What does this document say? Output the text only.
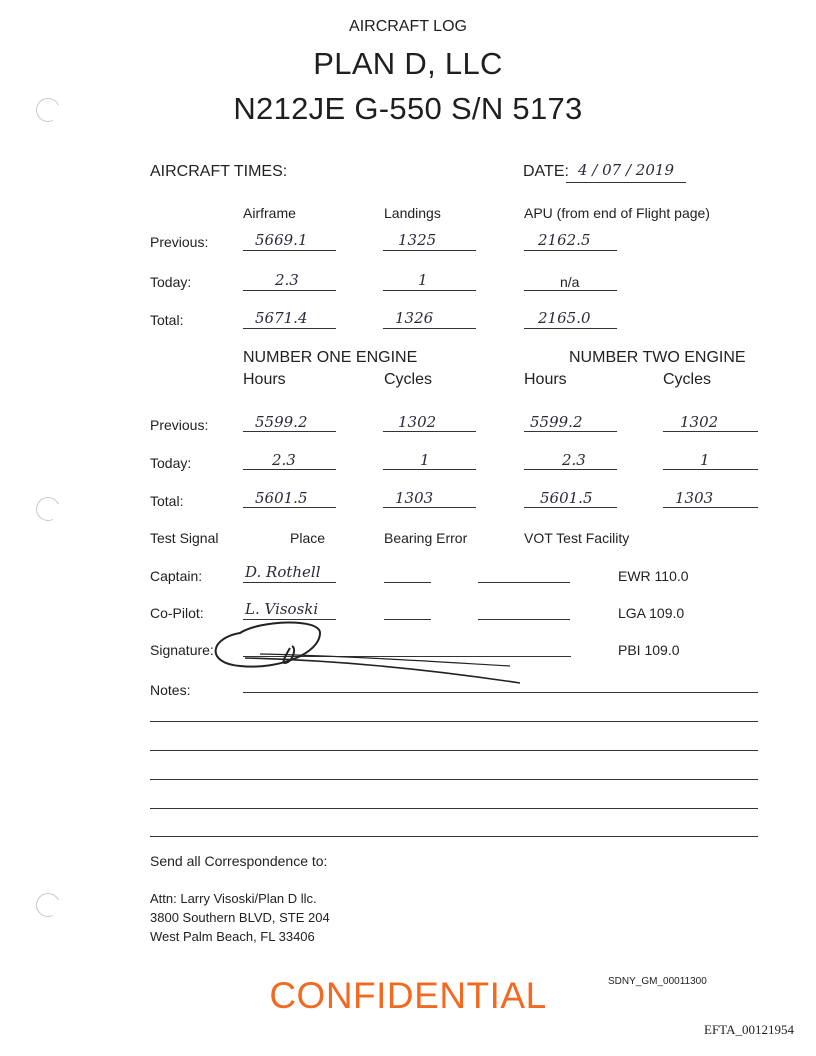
AIRCRAFT LOG
PLAN D, LLC
N212JE G-550 S/N 5173
AIRCRAFT TIMES:	DATE: 4 / 07 / 2019
Airframe	Landings	APU (from end of Flight page)
Previous:	5669.1	1325	2162.5
Today:	2.3	1	n/a
Total:	5671.4	1326	2165.0
NUMBER ONE ENGINE	NUMBER TWO ENGINE
Hours	Cycles	Hours	Cycles
Previous:	5599.2	1302	5599.2	1302
Today:	2.3	1	2.3	1
Total:	5601.5	1303	5601.5	1303
Test Signal	Place	Bearing Error	VOT Test Facility
Captain:	D. Rothell	EWR 110.0
Co-Pilot:	L. Visoski	LGA 109.0
Signature:	PBI 109.0
Notes:
Send all Correspondence to:
Attn: Larry Visoski/Plan D llc.
3800 Southern BLVD, STE 204
West Palm Beach, FL 33406
CONFIDENTIAL	SDNY_GM_00011300
EFTA_00121954
